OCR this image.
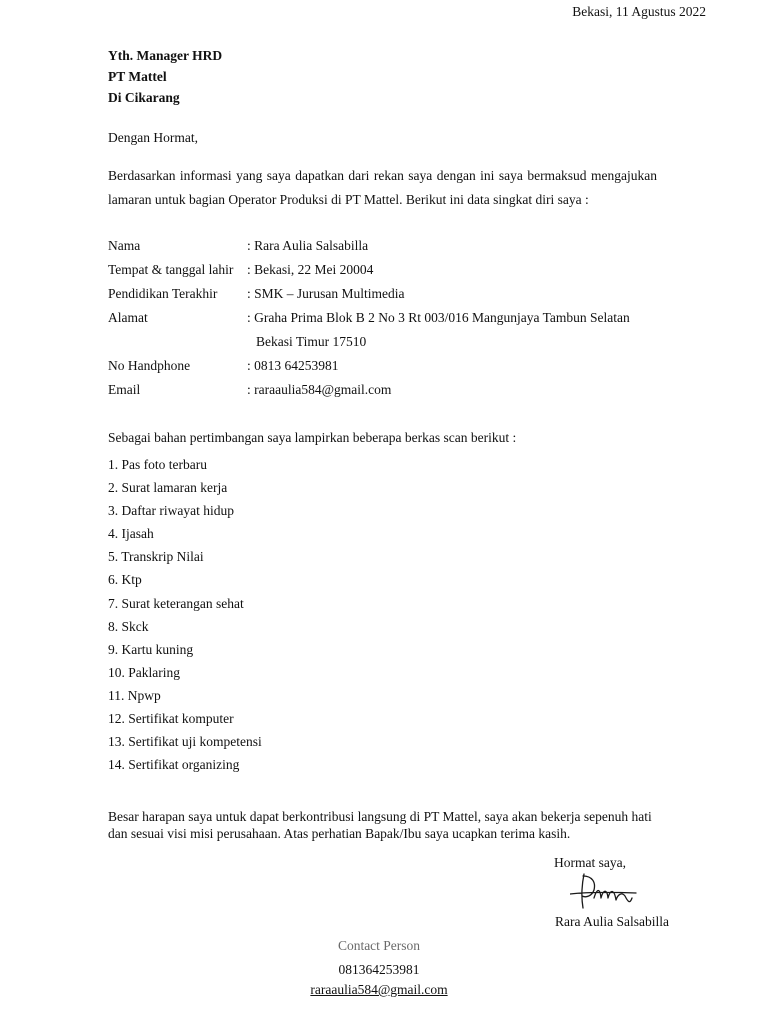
Bekasi, 11 Agustus 2022
Yth. Manager HRD
PT Mattel
Di Cikarang
Dengan Hormat,
Berdasarkan informasi yang saya dapatkan dari rekan saya dengan ini saya bermaksud mengajukan lamaran untuk bagian Operator Produksi di PT Mattel. Berikut ini data singkat diri saya :
Nama	: Rara Aulia Salsabilla
Tempat & tanggal lahir : Bekasi, 22 Mei 20004
Pendidikan Terakhir : SMK – Jurusan Multimedia
Alamat	: Graha Prima Blok B 2 No 3 Rt 003/016 Mangunjaya Tambun Selatan
Bekasi Timur 17510
No Handphone	: 0813 64253981
Email	: raraaulia584@gmail.com
Sebagai bahan pertimbangan saya lampirkan beberapa berkas scan berikut :
1. Pas foto terbaru
2. Surat lamaran kerja
3. Daftar riwayat hidup
4. Ijasah
5. Transkrip Nilai
6. Ktp
7. Surat keterangan sehat
8. Skck
9. Kartu kuning
10. Paklaring
11. Npwp
12. Sertifikat komputer
13. Sertifikat uji kompetensi
14. Sertifikat organizing
Besar harapan saya untuk dapat berkontribusi langsung di PT Mattel, saya akan bekerja sepenuh hati dan sesuai visi misi perusahaan. Atas perhatian Bapak/Ibu saya ucapkan terima kasih.
Hormat saya,
Rara Aulia Salsabilla
Contact Person
081364253981
raraaulia584@gmail.com
